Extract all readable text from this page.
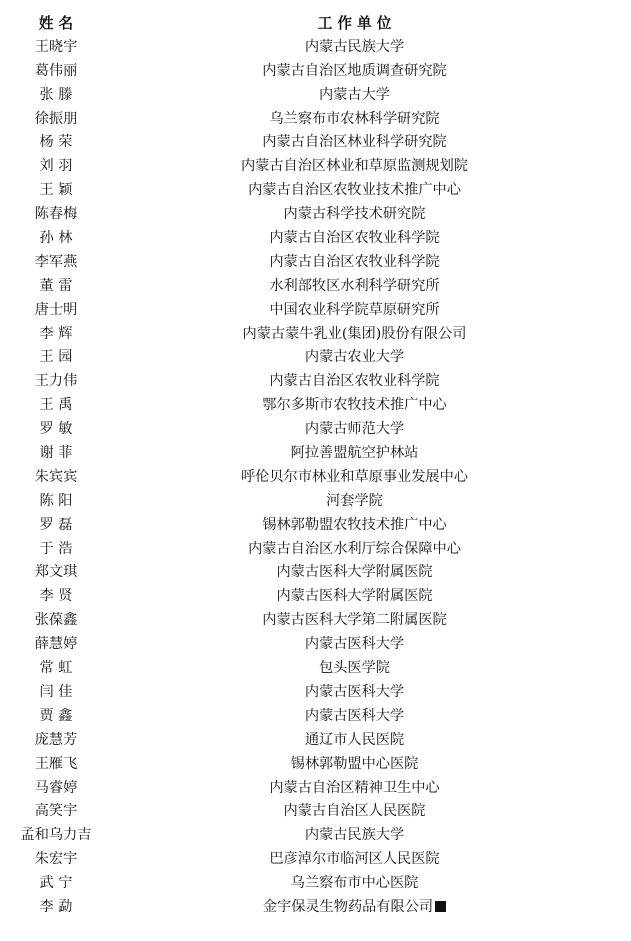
姓 名	工 作 单 位
王晓宇	内蒙古民族大学
葛伟丽	内蒙古自治区地质调查研究院
张 滕	内蒙古大学
徐振朋	乌兰察布市农林科学研究院
杨 荣	内蒙古自治区林业科学研究院
刘 羽	内蒙古自治区林业和草原监测规划院
王 颖	内蒙古自治区农牧业技术推广中心
陈春梅	内蒙古科学技术研究院
孙 林	内蒙古自治区农牧业科学院
李军燕	内蒙古自治区农牧业科学院
董 雷	水利部牧区水利科学研究所
唐士明	中国农业科学院草原研究所
李 辉	内蒙古蒙牛乳业(集团)股份有限公司
王 园	内蒙古农业大学
王力伟	内蒙古自治区农牧业科学院
王 禹	鄂尔多斯市农牧技术推广中心
罗 敏	内蒙古师范大学
谢 菲	阿拉善盟航空护林站
朱宾宾	呼伦贝尔市林业和草原事业发展中心
陈 阳	河套学院
罗 磊	锡林郭勒盟农牧技术推广中心
于 浩	内蒙古自治区水利厅综合保障中心
郑文琪	内蒙古医科大学附属医院
李 贤	内蒙古医科大学附属医院
张葆鑫	内蒙古医科大学第二附属医院
薛慧婷	内蒙古医科大学
常 虹	包头医学院
闫 佳	内蒙古医科大学
贾 鑫	内蒙古医科大学
庞慧芳	通辽市人民医院
王雁飞	锡林郭勒盟中心医院
马睿婷	内蒙古自治区精神卫生中心
高笑宇	内蒙古自治区人民医院
孟和乌力吉	内蒙古民族大学
朱宏宇	巴彦淖尔市临河区人民医院
武 宁	乌兰察布市中心医院
李 勐	金宇保灵生物药品有限公司
